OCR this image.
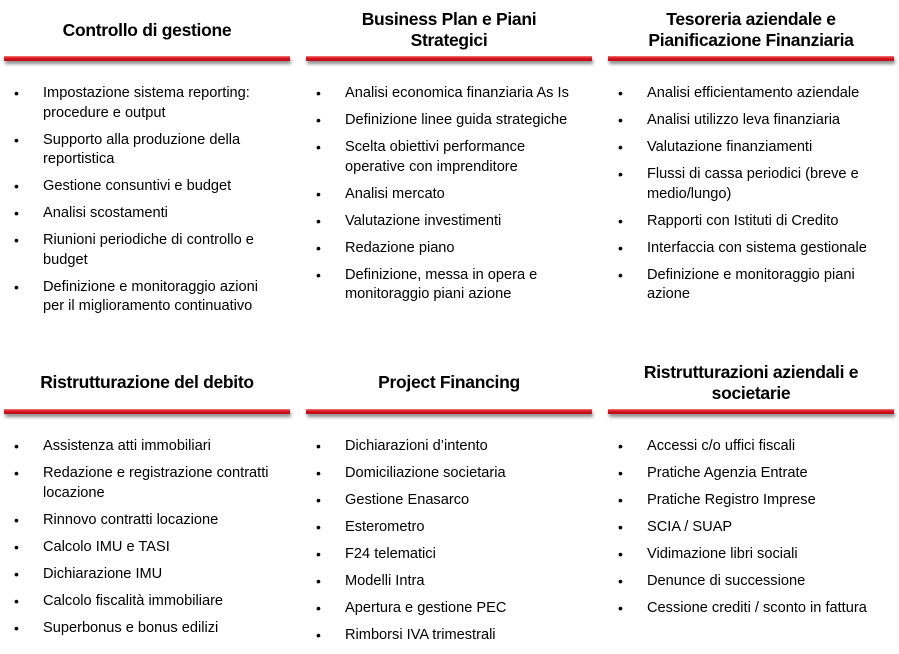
Controllo di gestione
• Impostazione sistema reporting: procedure e output
• Supporto alla produzione della reportistica
• Gestione consuntivi e budget
• Analisi scostamenti
• Riunioni periodiche di controllo e budget
• Definizione e monitoraggio azioni per il miglioramento continuativo
Business Plan e Piani Strategici
• Analisi economica finanziaria As Is
• Definizione linee guida strategiche
• Scelta obiettivi performance operative con imprenditore
• Analisi mercato
• Valutazione investimenti
• Redazione piano
• Definizione, messa in opera e monitoraggio piani azione
Tesoreria aziendale e Pianificazione Finanziaria
• Analisi efficientamento aziendale
• Analisi utilizzo leva finanziaria
• Valutazione finanziamenti
• Flussi di cassa periodici (breve e medio/lungo)
• Rapporti con Istituti di Credito
• Interfaccia con sistema gestionale
• Definizione e monitoraggio piani azione
Ristrutturazione del debito
• Assistenza atti immobiliari
• Redazione e registrazione contratti locazione
• Rinnovo contratti locazione
• Calcolo IMU e TASI
• Dichiarazione IMU
• Calcolo fiscalità immobiliare
• Superbonus e bonus edilizi
Project Financing
• Dichiarazioni d’intento
• Domiciliazione societaria
• Gestione Enasarco
• Esterometro
• F24 telematici
• Modelli Intra
• Apertura e gestione PEC
• Rimborsi IVA trimestrali
Ristrutturazioni aziendali e societarie
• Accessi c/o uffici fiscali
• Pratiche Agenzia Entrate
• Pratiche Registro Imprese
• SCIA / SUAP
• Vidimazione libri sociali
• Denunce di successione
• Cessione crediti / sconto in fattura
